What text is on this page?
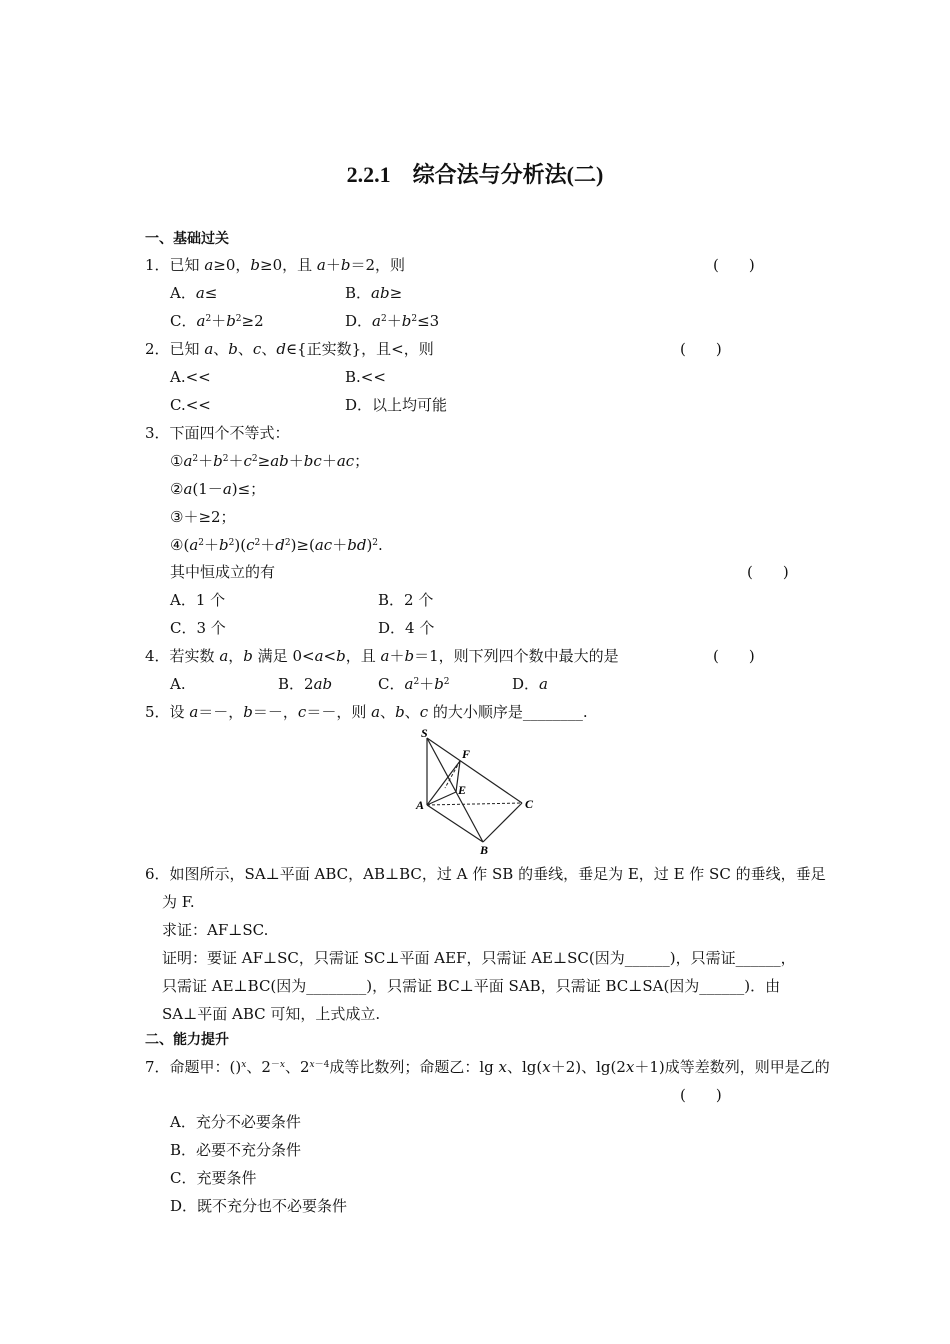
2.2.1　综合法与分析法(二)
一、基础过关
1．已知 a≥0，b≥0，且 a＋b＝2，则	(　　)
A．a≤	B．ab≥
C．$a^2+b^2\ge 2$	D．$a^2+b^2\le 3$
2．已知 a、b、c、d∈{正实数}，且<，则	(　　)
A.<<	B.<<
C.<<	D．以上均可能
3．下面四个不等式：
$①a^2+b^2+c^2\ge ab+bc+ac$；
②a(1－a)≤；
③＋≥2；
$④(a^2+b^2)(c^2+d^2)\ge(ac+bd)^2$.
其中恒成立的有	(　　)
A．1 个	B．2 个
C．3 个	D．4 个
4．若实数 a，b 满足 0<a<b，且 a＋b＝1，则下列四个数中最大的是	(　　)
A.	B．2ab	C．$a^2+b^2$	D．a
5．设 a＝－，b＝－，c＝－，则 a、b、c 的大小顺序是________.
S
F
E
A	C
B
6．如图所示，SA⊥平面 ABC，AB⊥BC，过 A 作 SB 的垂线，垂足为 E，过 E 作 SC 的垂线，垂足
为 F.
求证：AF⊥SC.
证明：要证 AF⊥SC，只需证 SC⊥平面 AEF，只需证 AE⊥SC(因为______)，只需证______，
只需证 AE⊥BC(因为________)，只需证 BC⊥平面 SAB，只需证 BC⊥SA(因为______)．由
SA⊥平面 ABC 可知，上式成立.
二、能力提升
7．命题甲：()$^x$、$2^{-x}$、$2^{x-4}$成等比数列；命题乙：lg x、lg(x＋2)、lg(2x＋1)成等差数列，则甲是乙的
(　　)
A．充分不必要条件
B．必要不充分条件
C．充要条件
D．既不充分也不必要条件
